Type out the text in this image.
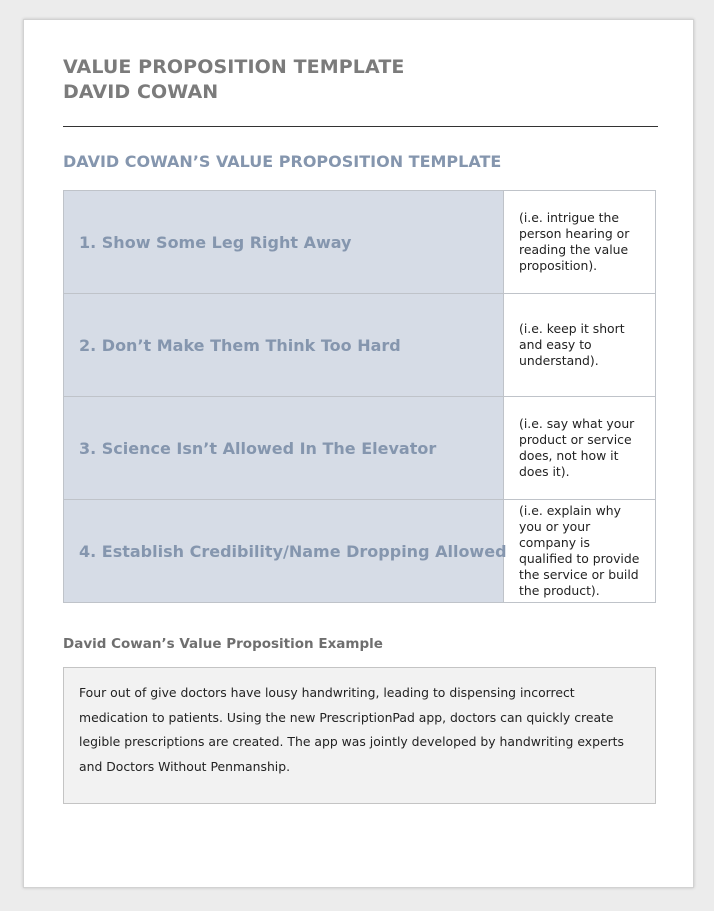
VALUE PROPOSITION TEMPLATE
DAVID COWAN
DAVID COWAN’S VALUE PROPOSITION TEMPLATE
1. Show Some Leg Right Away	(i.e. intrigue the person hearing or reading the value proposition).
2. Don’t Make Them Think Too Hard	(i.e. keep it short and easy to understand).
3. Science Isn’t Allowed In The Elevator	(i.e. say what your product or service does, not how it does it).
4. Establish Credibility/Name Dropping Allowed	(i.e. explain why you or your company is qualified to provide the service or build the product).
David Cowan’s Value Proposition Example
Four out of give doctors have lousy handwriting, leading to dispensing incorrect medication to patients. Using the new PrescriptionPad app, doctors can quickly create legible prescriptions are created. The app was jointly developed by handwriting experts and Doctors Without Penmanship.
